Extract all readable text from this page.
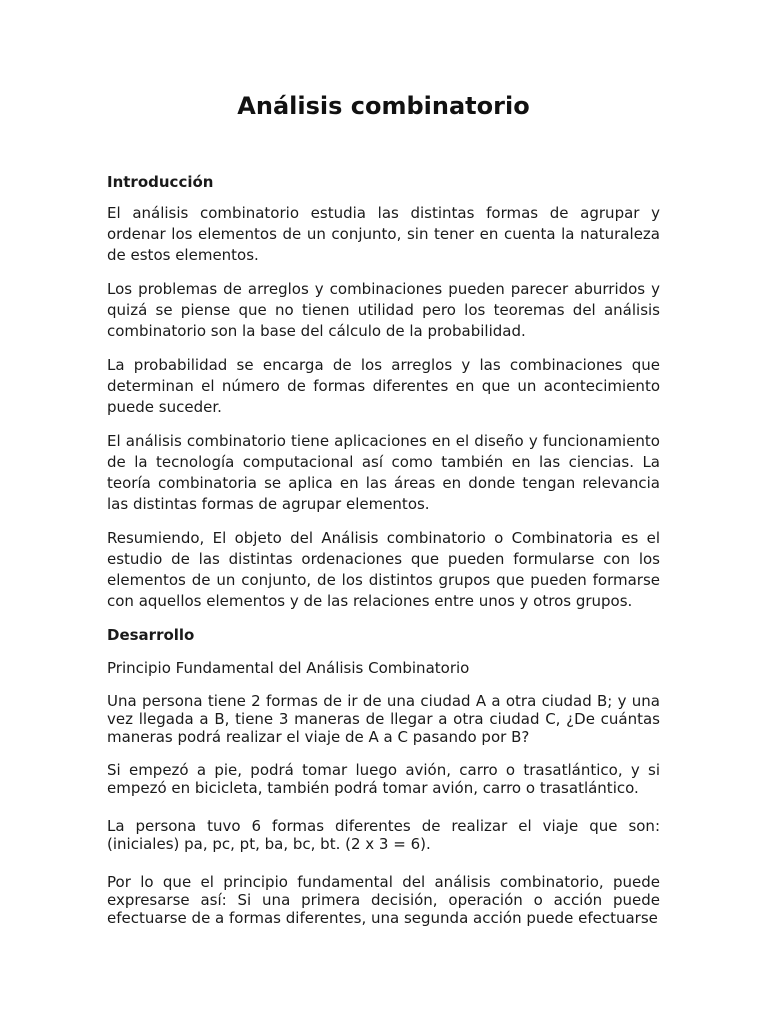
Análisis combinatorio
Introducción

El análisis combinatorio estudia las distintas formas de agrupar y ordenar los elementos de un conjunto, sin tener en cuenta la naturaleza de estos elementos.

Los problemas de arreglos y combinaciones pueden parecer aburridos y quizá se piense que no tienen utilidad pero los teoremas del análisis combinatorio son la base del cálculo de la probabilidad.

La probabilidad se encarga de los arreglos y las combinaciones que determinan el número de formas diferentes en que un acontecimiento puede suceder.

El análisis combinatorio tiene aplicaciones en el diseño y funcionamiento de la tecnología computacional así como también en las ciencias. La teoría combinatoria se aplica en las áreas en donde tengan relevancia las distintas formas de agrupar elementos.

Resumiendo, El objeto del Análisis combinatorio o Combinatoria es el estudio de las distintas ordenaciones que pueden formularse con los elementos de un conjunto, de los distintos grupos que pueden formarse con aquellos elementos y de las relaciones entre unos y otros grupos.

Desarrollo

Principio Fundamental del Análisis Combinatorio

Una persona tiene 2 formas de ir de una ciudad A a otra ciudad B; y una vez llegada a B, tiene 3 maneras de llegar a otra ciudad C, ¿De cuántas maneras podrá realizar el viaje de A a C pasando por B?

Si empezó a pie, podrá tomar luego avión, carro o trasatlántico, y si empezó en bicicleta, también podrá tomar avión, carro o trasatlántico.

La persona tuvo 6 formas diferentes de realizar el viaje que son: (iniciales) pa, pc, pt, ba, bc, bt. (2 x 3 = 6).

Por lo que el principio fundamental del análisis combinatorio, puede expresarse así: Si una primera decisión, operación o acción puede efectuarse de a formas diferentes, una segunda acción puede efectuarse
